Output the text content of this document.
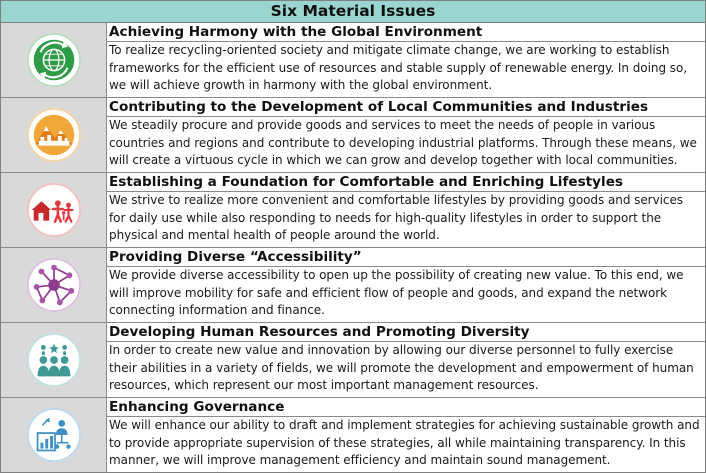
Six Material Issues
Achieving Harmony with the Global Environment
To realize recycling-oriented society and mitigate climate change, we are working to establish frameworks for the efficient use of resources and stable supply of renewable energy. In doing so, we will achieve growth in harmony with the global environment.
Contributing to the Development of Local Communities and Industries
We steadily procure and provide goods and services to meet the needs of people in various countries and regions and contribute to developing industrial platforms. Through these means, we will create a virtuous cycle in which we can grow and develop together with local communities.
Establishing a Foundation for Comfortable and Enriching Lifestyles
We strive to realize more convenient and comfortable lifestyles by providing goods and services for daily use while also responding to needs for high-quality lifestyles in order to support the physical and mental health of people around the world.
Providing Diverse “Accessibility”
We provide diverse accessibility to open up the possibility of creating new value. To this end, we will improve mobility for safe and efficient flow of people and goods, and expand the network connecting information and finance.
Developing Human Resources and Promoting Diversity
In order to create new value and innovation by allowing our diverse personnel to fully exercise their abilities in a variety of fields, we will promote the development and empowerment of human resources, which represent our most important management resources.
Enhancing Governance
We will enhance our ability to draft and implement strategies for achieving sustainable growth and to provide appropriate supervision of these strategies, all while maintaining transparency. In this manner, we will improve management efficiency and maintain sound management.
